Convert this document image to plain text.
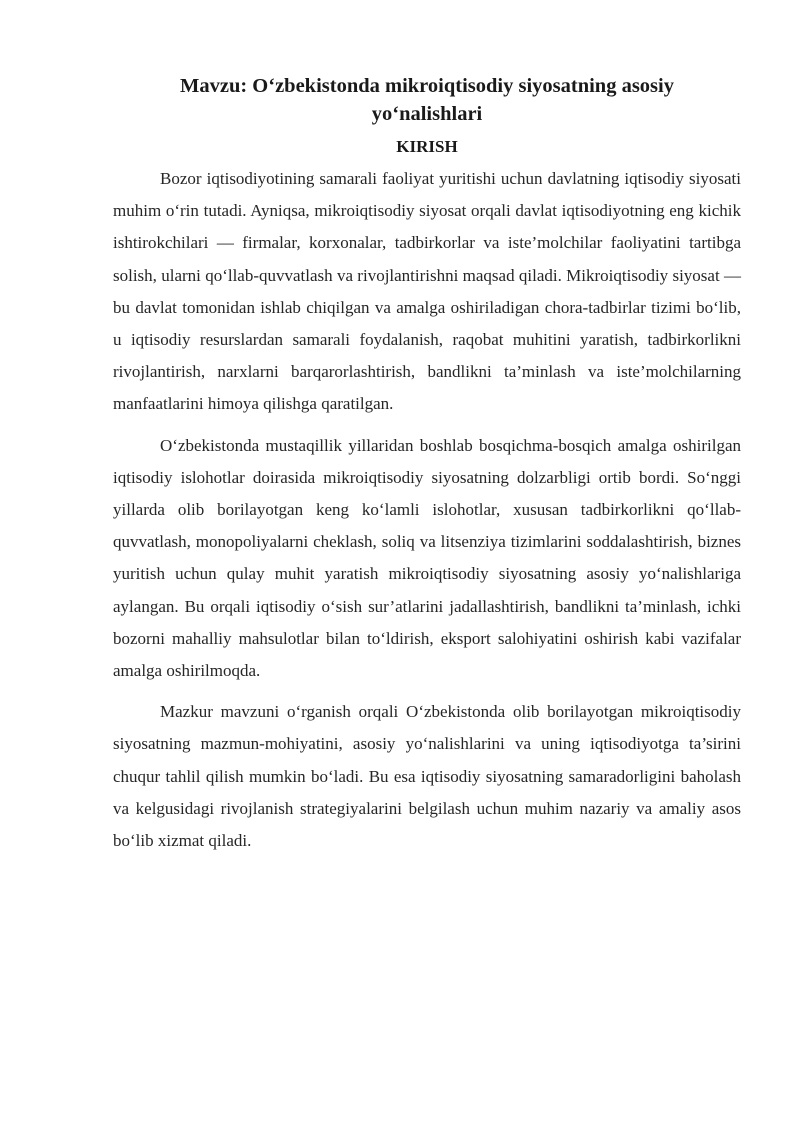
Mavzu: O‘zbekistonda mikroiqtisodiy siyosatning asosiy yo‘nalishlari
KIRISH

Bozor iqtisodiyotining samarali faoliyat yuritishi uchun davlatning iqtisodiy siyosati muhim o‘rin tutadi. Ayniqsa, mikroiqtisodiy siyosat orqali davlat iqtisodiyotning eng kichik ishtirokchilari — firmalar, korxonalar, tadbirkorlar va iste’molchilar faoliyatini tartibga solish, ularni qo‘llab-quvvatlash va rivojlantirishni maqsad qiladi. Mikroiqtisodiy siyosat — bu davlat tomonidan ishlab chiqilgan va amalga oshiriladigan chora-tadbirlar tizimi bo‘lib, u iqtisodiy resurslardan samarali foydalanish, raqobat muhitini yaratish, tadbirkorlikni rivojlantirish, narxlarni barqarorlashtirish, bandlikni ta’minlash va iste’molchilarning manfaatlarini himoya qilishga qaratilgan.

O‘zbekistonda mustaqillik yillaridan boshlab bosqichma-bosqich amalga oshirilgan iqtisodiy islohotlar doirasida mikroiqtisodiy siyosatning dolzarbligi ortib bordi. So‘nggi yillarda olib borilayotgan keng ko‘lamli islohotlar, xususan tadbirkorlikni qo‘llab-quvvatlash, monopoliyalarni cheklash, soliq va litsenziya tizimlarini soddalashtirish, biznes yuritish uchun qulay muhit yaratish mikroiqtisodiy siyosatning asosiy yo‘nalishlariga aylangan. Bu orqali iqtisodiy o‘sish sur’atlarini jadallashtirish, bandlikni ta’minlash, ichki bozorni mahalliy mahsulotlar bilan to‘ldirish, eksport salohiyatini oshirish kabi vazifalar amalga oshirilmoqda.

Mazkur mavzuni o‘rganish orqali O‘zbekistonda olib borilayotgan mikroiqtisodiy siyosatning mazmun-mohiyatini, asosiy yo‘nalishlarini va uning iqtisodiyotga ta’sirini chuqur tahlil qilish mumkin bo‘ladi. Bu esa iqtisodiy siyosatning samaradorligini baholash va kelgusidagi rivojlanish strategiyalarini belgilash uchun muhim nazariy va amaliy asos bo‘lib xizmat qiladi.
